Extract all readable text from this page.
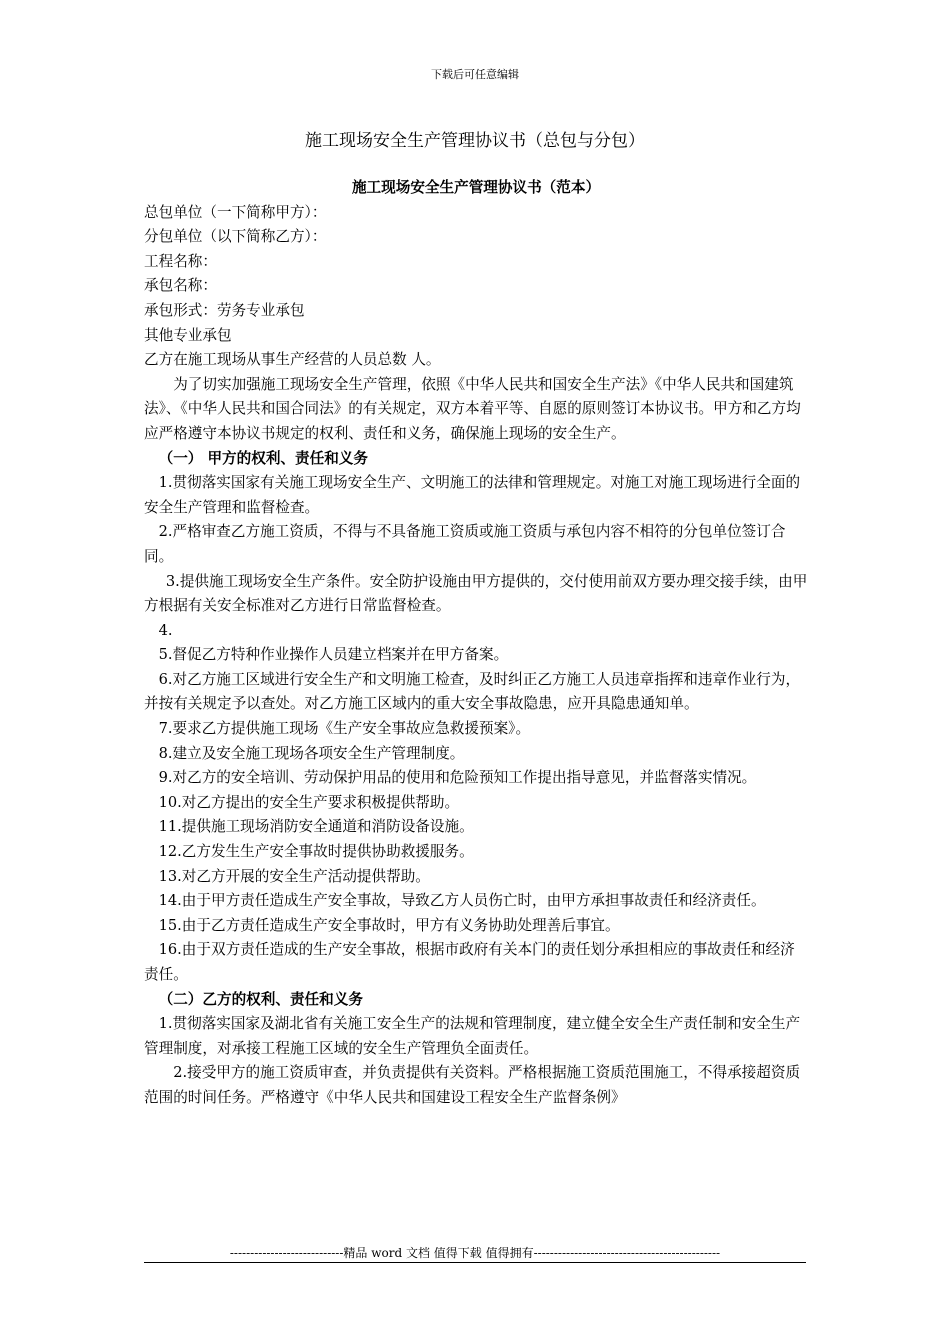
下载后可任意编辑
施工现场安全生产管理协议书（总包与分包）

施工现场安全生产管理协议书（范本）

总包单位（一下简称甲方）：

分包单位（以下简称乙方）：

工程名称：

承包名称：

承包形式：劳务专业承包

其他专业承包

乙方在施工现场从事生产经营的人员总数 人。

为了切实加强施工现场安全生产管理，依照《中华人民共和国安全生产法》《中华人民共和国建筑法》、《中华人民共和国合同法》的有关规定，双方本着平等、自愿的原则签订本协议书。甲方和乙方均应严格遵守本协议书规定的权利、责任和义务，确保施上现场的安全生产。

（一） 甲方的权利、责任和义务

1.贯彻落实国家有关施工现场安全生产、文明施工的法律和管理规定。对施工对施工现场进行全面的安全生产管理和监督检查。

2.严格审查乙方施工资质，不得与不具备施工资质或施工资质与承包内容不相符的分包单位签订合同。

3.提供施工现场安全生产条件。安全防护设施由甲方提供的，交付使用前双方要办理交接手续，由甲方根据有关安全标准对乙方进行日常监督检查。

4.

5.督促乙方特种作业操作人员建立档案并在甲方备案。

6.对乙方施工区域进行安全生产和文明施工检查，及时纠正乙方施工人员违章指挥和违章作业行为，并按有关规定予以查处。对乙方施工区域内的重大安全事故隐患，应开具隐患通知单。

7.要求乙方提供施工现场《生产安全事故应急救援预案》。

8.建立及安全施工现场各项安全生产管理制度。

9.对乙方的安全培训、劳动保护用品的使用和危险预知工作提出指导意见，并监督落实情况。

10.对乙方提出的安全生产要求积极提供帮助。

11.提供施工现场消防安全通道和消防设备设施。

12.乙方发生生产安全事故时提供协助救援服务。

13.对乙方开展的安全生产活动提供帮助。

14.由于甲方责任造成生产安全事故，导致乙方人员伤亡时，由甲方承担事故责任和经济责任。

15.由于乙方责任造成生产安全事故时，甲方有义务协助处理善后事宜。

16.由于双方责任造成的生产安全事故，根据市政府有关本门的责任划分承担相应的事故责任和经济责任。

（二）乙方的权利、责任和义务

1.贯彻落实国家及湖北省有关施工安全生产的法规和管理制度，建立健全安全生产责任制和安全生产管理制度，对承接工程施工区域的安全生产管理负全面责任。

2.接受甲方的施工资质审查，并负责提供有关资料。严格根据施工资质范围施工，不得承接超资质范围的时间任务。严格遵守《中华人民共和国建设工程安全生产监督条例》

----------------------------精品 word 文档 值得下载 值得拥有----------------------------------------------
